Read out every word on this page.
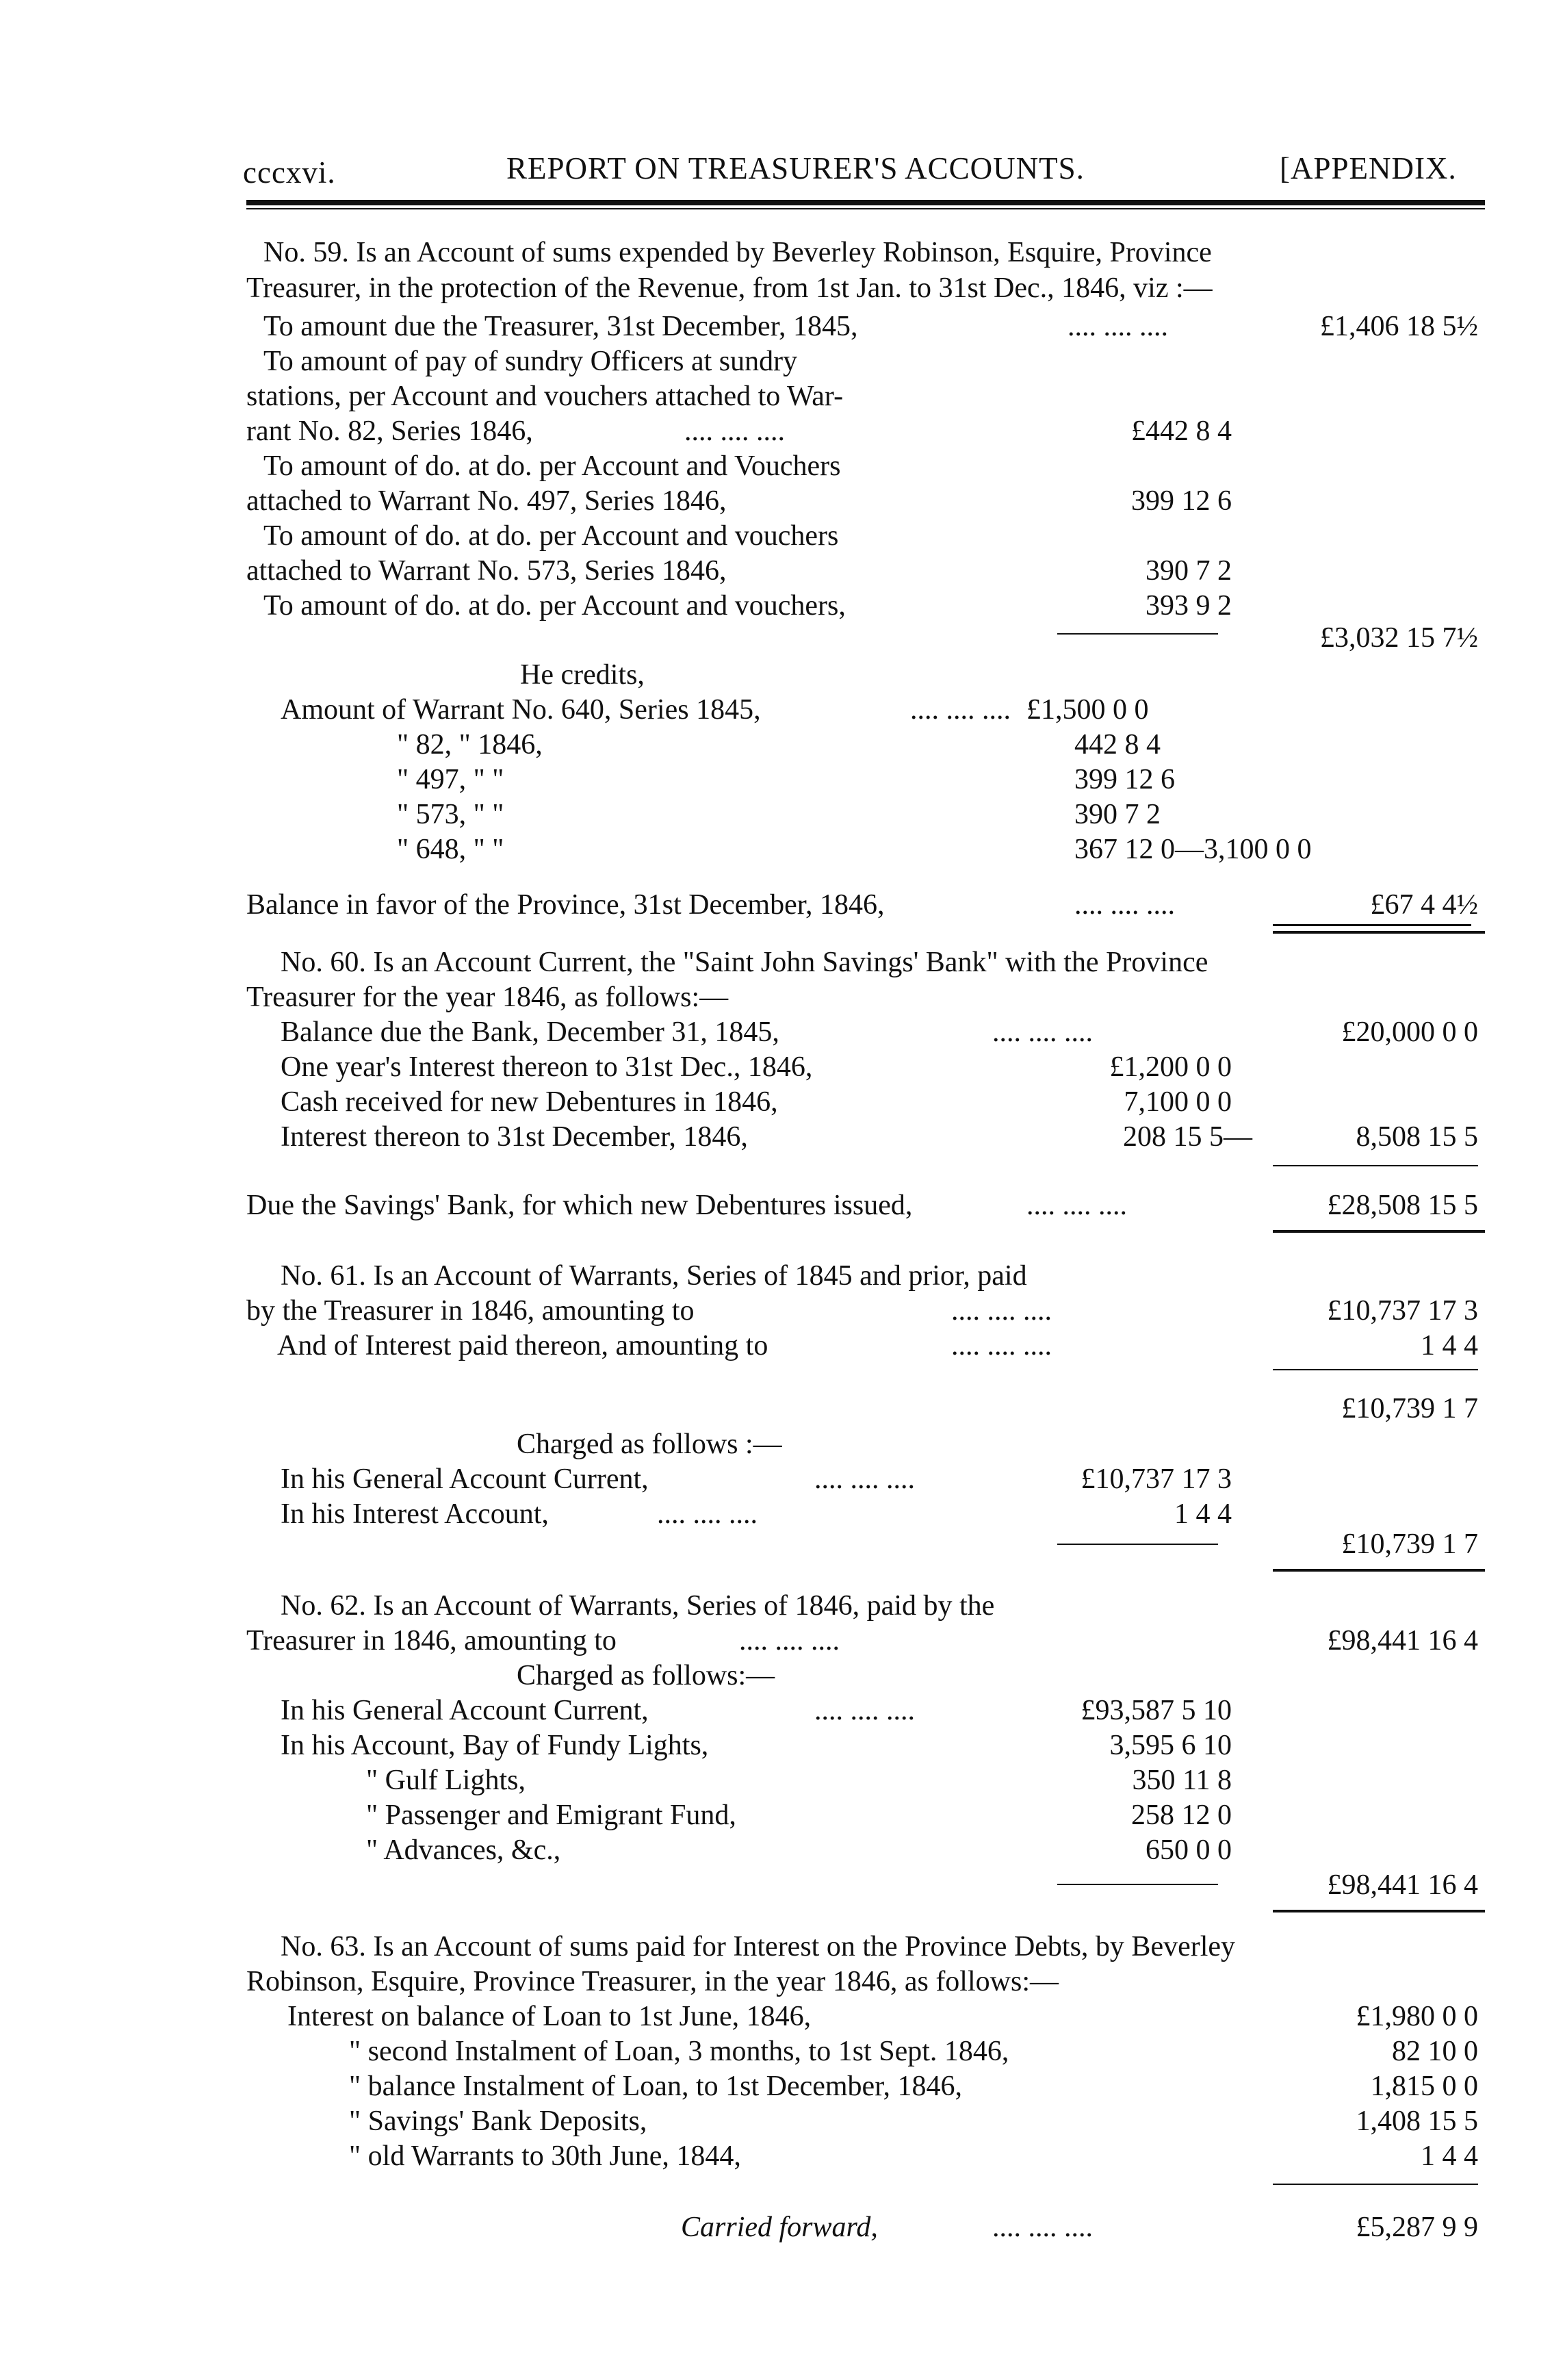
cccxvi.	REPORT ON TREASURER'S ACCOUNTS.	[APPENDIX.
No. 59. Is an Account of sums expended by Beverley Robinson, Esquire, Province
Treasurer, in the protection of the Revenue, from 1st Jan. to 31st Dec., 1846, viz :—
To amount due the Treasurer, 31st December, 1845,	.... .... ....	£1,406 18 5½
To amount of pay of sundry Officers at sundry
stations, per Account and vouchers attached to War-
rant No. 82, Series 1846,	.... .... ....	£442 8 4
To amount of do. at do. per Account and Vouchers
attached to Warrant No. 497, Series 1846,	399 12 6
To amount of do. at do. per Account and vouchers
attached to Warrant No. 573, Series 1846,	390 7 2
To amount of do. at do. per Account and vouchers,	393 9 2
£3,032 15 7½
He credits,
Amount of Warrant No. 640, Series 1845,	.... .... .... £1,500 0 0
" 82, " 1846,	442 8 4
" 497, " "	399 12 6
" 573, " "	390 7 2
" 648, " "	367 12 0—3,100 0 0
Balance in favor of the Province, 31st December, 1846,	.... .... ....	£67 4 4½
No. 60. Is an Account Current, the "Saint John Savings' Bank" with the Province
Treasurer for the year 1846, as follows:—
Balance due the Bank, December 31, 1845,	.... .... ....	£20,000 0 0
One year's Interest thereon to 31st Dec., 1846,	£1,200 0 0
Cash received for new Debentures in 1846,	7,100 0 0
Interest thereon to 31st December, 1846,	208 15 5—	8,508 15 5
Due the Savings' Bank, for which new Debentures issued,	.... .... ....	£28,508 15 5
No. 61. Is an Account of Warrants, Series of 1845 and prior, paid
by the Treasurer in 1846, amounting to	.... .... ....	£10,737 17 3
And of Interest paid thereon, amounting to	.... .... ....	1 4 4
£10,739 1 7
Charged as follows :—
In his General Account Current,	.... .... ....	£10,737 17 3
In his Interest Account,	.... .... ....	1 4 4
£10,739 1 7
No. 62. Is an Account of Warrants, Series of 1846, paid by the
Treasurer in 1846, amounting to	.... .... ....	£98,441 16 4
Charged as follows:—
In his General Account Current,	.... .... ....	£93,587 5 10
In his Account, Bay of Fundy Lights,	3,595 6 10
" Gulf Lights,	350 11 8
" Passenger and Emigrant Fund,	258 12 0
" Advances, &c.,	650 0 0
£98,441 16 4
No. 63. Is an Account of sums paid for Interest on the Province Debts, by Beverley
Robinson, Esquire, Province Treasurer, in the year 1846, as follows:—
Interest on balance of Loan to 1st June, 1846,	£1,980 0 0
" second Instalment of Loan, 3 months, to 1st Sept. 1846,	82 10 0
" balance Instalment of Loan, to 1st December, 1846,	1,815 0 0
" Savings' Bank Deposits,	1,408 15 5
" old Warrants to 30th June, 1844,	1 4 4
Carried forward,	.... .... ....	£5,287 9 9
